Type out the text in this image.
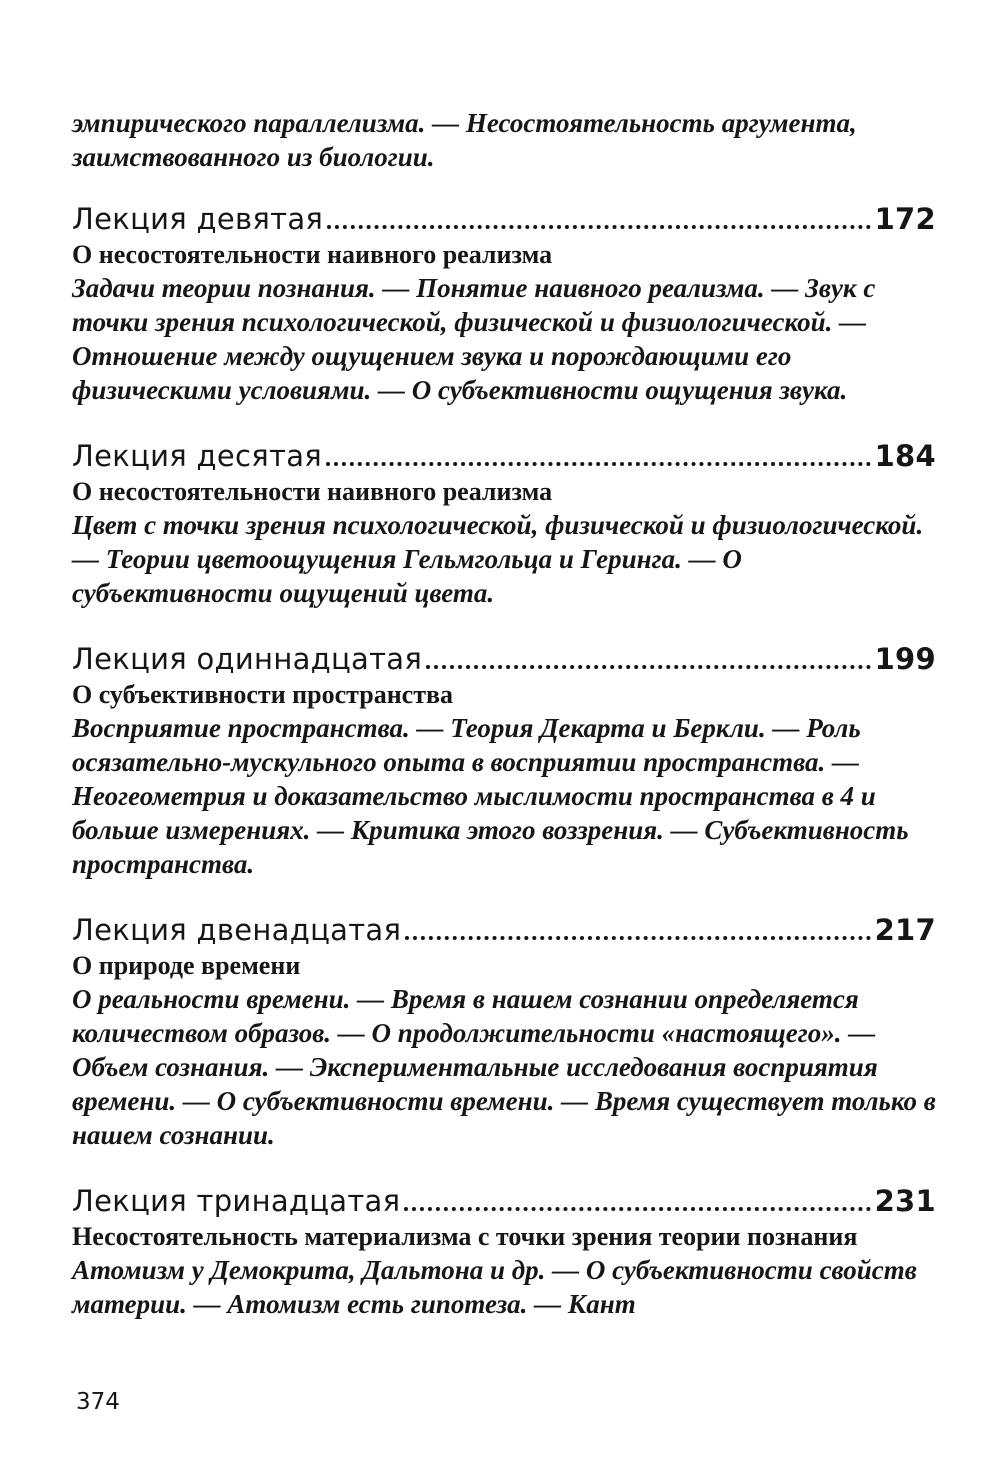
эмпирического параллелизма. — Несостоятельность аргумента, заимствованного из биологии.

Лекция девятая	172

О несостоятельности наивного реализма

Задачи теории познания. — Понятие наивного реализма. — Звук с точки зрения психологической, физической и физиологической. — Отношение между ощущением звука и порождающими его физическими условиями. — О субъективности ощущения звука.

Лекция десятая	184

О несостоятельности наивного реализма

Цвет с точки зрения психологической, физической и физиологической. — Теории цветоощущения Гельмгольца и Геринга. — О субъективности ощущений цвета.

Лекция одиннадцатая	199

О субъективности пространства

Восприятие пространства. — Теория Декарта и Беркли. — Роль осязательно-мускульного опыта в восприятии пространства. — Неогеометрия и доказательство мыслимости пространства в 4 и больше измерениях. — Критика этого воззрения. — Субъективность пространства.

Лекция двенадцатая	217

О природе времени

О реальности времени. — Время в нашем сознании определяется количеством образов. — О продолжительности «настоящего». — Объем сознания. — Экспериментальные исследования восприятия времени. — О субъективности времени. — Время существует только в нашем сознании.

Лекция тринадцатая	231

Несостоятельность материализма с точки зрения теории познания

Атомизм у Демокрита, Дальтона и др. — О субъективности свойств материи. — Атомизм есть гипотеза. — Кант

374
